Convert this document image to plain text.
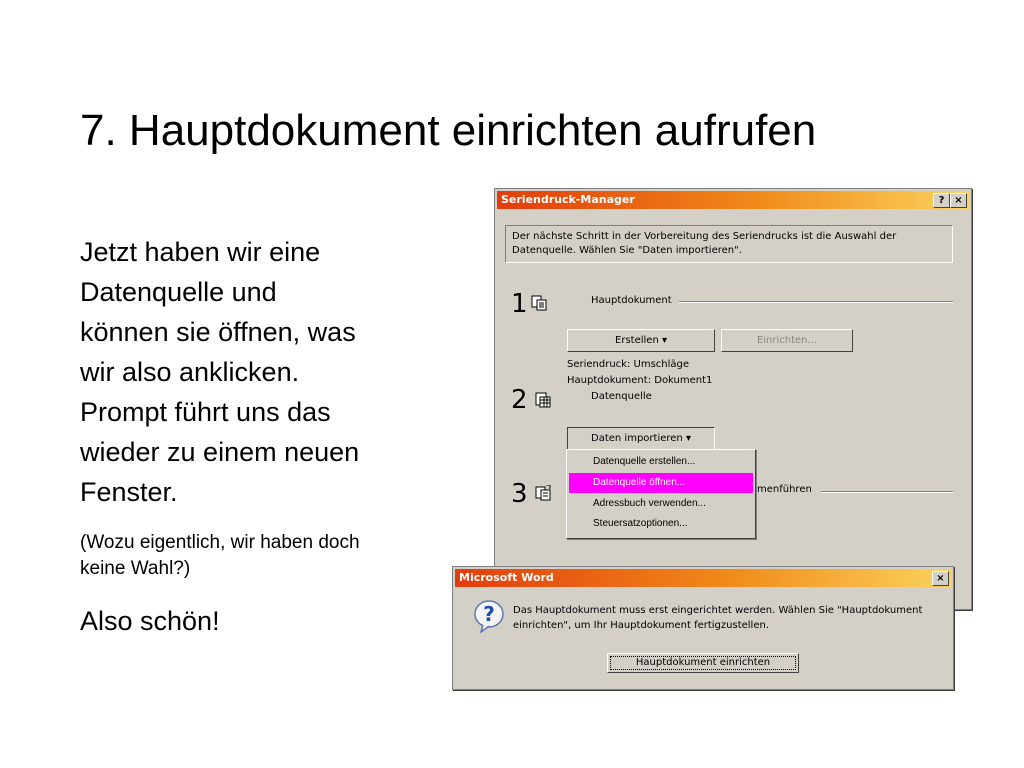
7. Hauptdokument einrichten aufrufen
Jetzt haben wir eine
Datenquelle und
können sie öffnen, was
wir also anklicken.
Prompt führt uns das
wieder zu einem neuen
Fenster.
(Wozu eigentlich, wir haben doch
keine Wahl?)
Also schön!
Seriendruck-Manager	? ×
Der nächste Schritt in der Vorbereitung des Seriendrucks ist die Auswahl der
Datenquelle. Wählen Sie "Daten importieren".
1	Hauptdokument
Erstellen ▾	Einrichten...
Seriendruck: Umschläge
Hauptdokument: Dokument1
2	Datenquelle
Daten importieren ▾
3	menführen
Datenquelle erstellen...
Datenquelle öffnen...
Adressbuch verwenden...
Steuersatzoptionen...
Microsoft Word	×
? Das Hauptdokument muss erst eingerichtet werden. Wählen Sie "Hauptdokument
einrichten", um Ihr Hauptdokument fertigzustellen.
Hauptdokument einrichten
